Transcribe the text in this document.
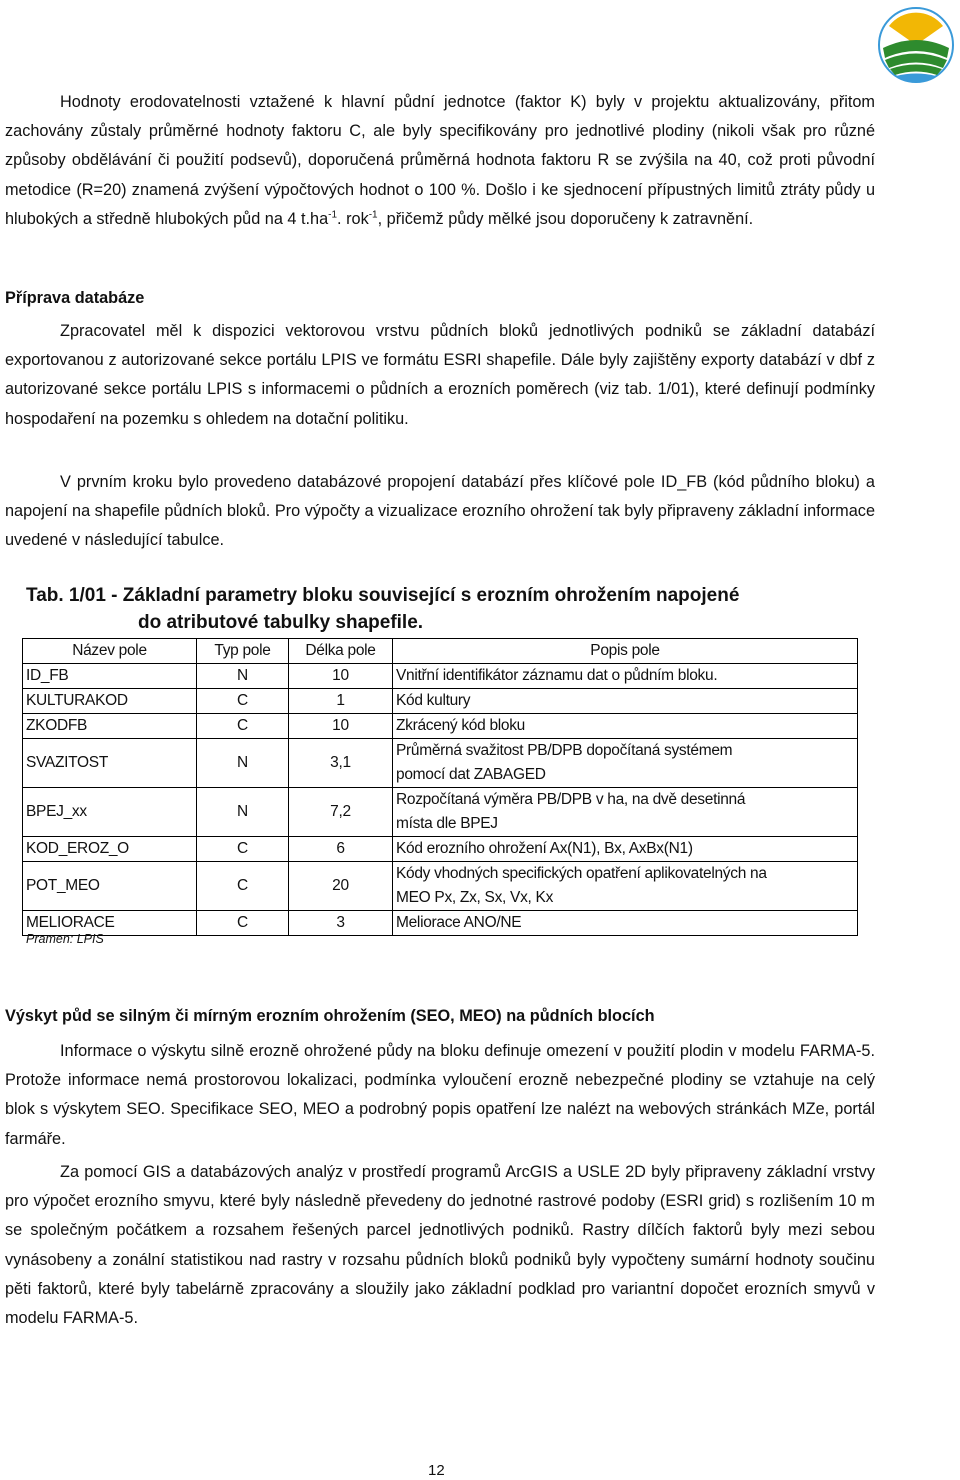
Hodnoty erodovatelnosti vztažené k hlavní půdní jednotce (faktor K) byly v projektu aktualizovány, přitom zachovány zůstaly průměrné hodnoty faktoru C, ale byly specifikovány pro jednotlivé plodiny (nikoli však pro různé způsoby obdělávání či použití podsevů), doporučená průměrná hodnota faktoru R se zvýšila na 40, což proti původní metodice (R=20) znamená zvýšení výpočtových hodnot o 100 %. Došlo i ke sjednocení přípustných limitů ztráty půdy u hlubokých a středně hlubokých půd na 4 $t.ha^{-1}$. rok$^{-1}$, přičemž půdy mělké jsou doporučeny k zatravnění.

Příprava databáze

Zpracovatel měl k dispozici vektorovou vrstvu půdních bloků jednotlivých podniků se základní databází exportovanou z autorizované sekce portálu LPIS ve formátu ESRI shapefile. Dále byly zajištěny exporty databází v dbf z autorizované sekce portálu LPIS s informacemi o půdních a erozních poměrech (viz tab. 1/01), které definují podmínky hospodaření na pozemku s ohledem na dotační politiku.

V prvním kroku bylo provedeno databázové propojení databází přes klíčové pole ID_FB (kód půdního bloku) a napojení na shapefile půdních bloků. Pro výpočty a vizualizace erozního ohrožení tak byly připraveny základní informace uvedené v následující tabulce.

Tab. 1/01 - Základní parametry bloku související s erozním ohrožením napojené
do atributové tabulky shapefile.

Název pole	Typ pole	Délka pole	Popis pole
ID_FB	N	10	Vnitřní identifikátor záznamu dat o půdním bloku.
KULTURAKOD	C	1	Kód kultury
ZKODFB	C	10	Zkrácený kód bloku
SVAZITOST	N	3,1	Průměrná svažitost PB/DPB dopočítaná systémem
pomocí dat ZABAGED
BPEJ_xx	N	7,2	Rozpočítaná výměra PB/DPB v ha, na dvě desetinná
místa dle BPEJ
KOD_EROZ_O	C	6	Kód erozního ohrožení Ax(N1), Bx, AxBx(N1)
POT_MEO	C	20	Kódy vhodných specifických opatření aplikovatelných na
MEO Px, Zx, Sx, Vx, Kx
MELIORACE	C	3	Meliorace ANO/NE

Pramen: LPIS

Výskyt půd se silným či mírným erozním ohrožením (SEO, MEO) na půdních blocích

Informace o výskytu silně erozně ohrožené půdy na bloku definuje omezení v použití plodin v modelu FARMA-5. Protože informace nemá prostorovou lokalizaci, podmínka vyloučení erozně nebezpečné plodiny se vztahuje na celý blok s výskytem SEO. Specifikace SEO, MEO a podrobný popis opatření lze nalézt na webových stránkách MZe, portál farmáře.

Za pomocí GIS a databázových analýz v prostředí programů ArcGIS a USLE 2D byly připraveny základní vrstvy pro výpočet erozního smyvu, které byly následně převedeny do jednotné rastrové podoby (ESRI grid) s rozlišením 10 m se společným počátkem a rozsahem řešených parcel jednotlivých podniků. Rastry dílčích faktorů byly mezi sebou vynásobeny a zonální statistikou nad rastry v rozsahu půdních bloků podniků byly vypočteny sumární hodnoty součinu pěti faktorů, které byly tabelárně zpracovány a sloužily jako základní podklad pro variantní dopočet erozních smyvů v modelu FARMA-5.

12
